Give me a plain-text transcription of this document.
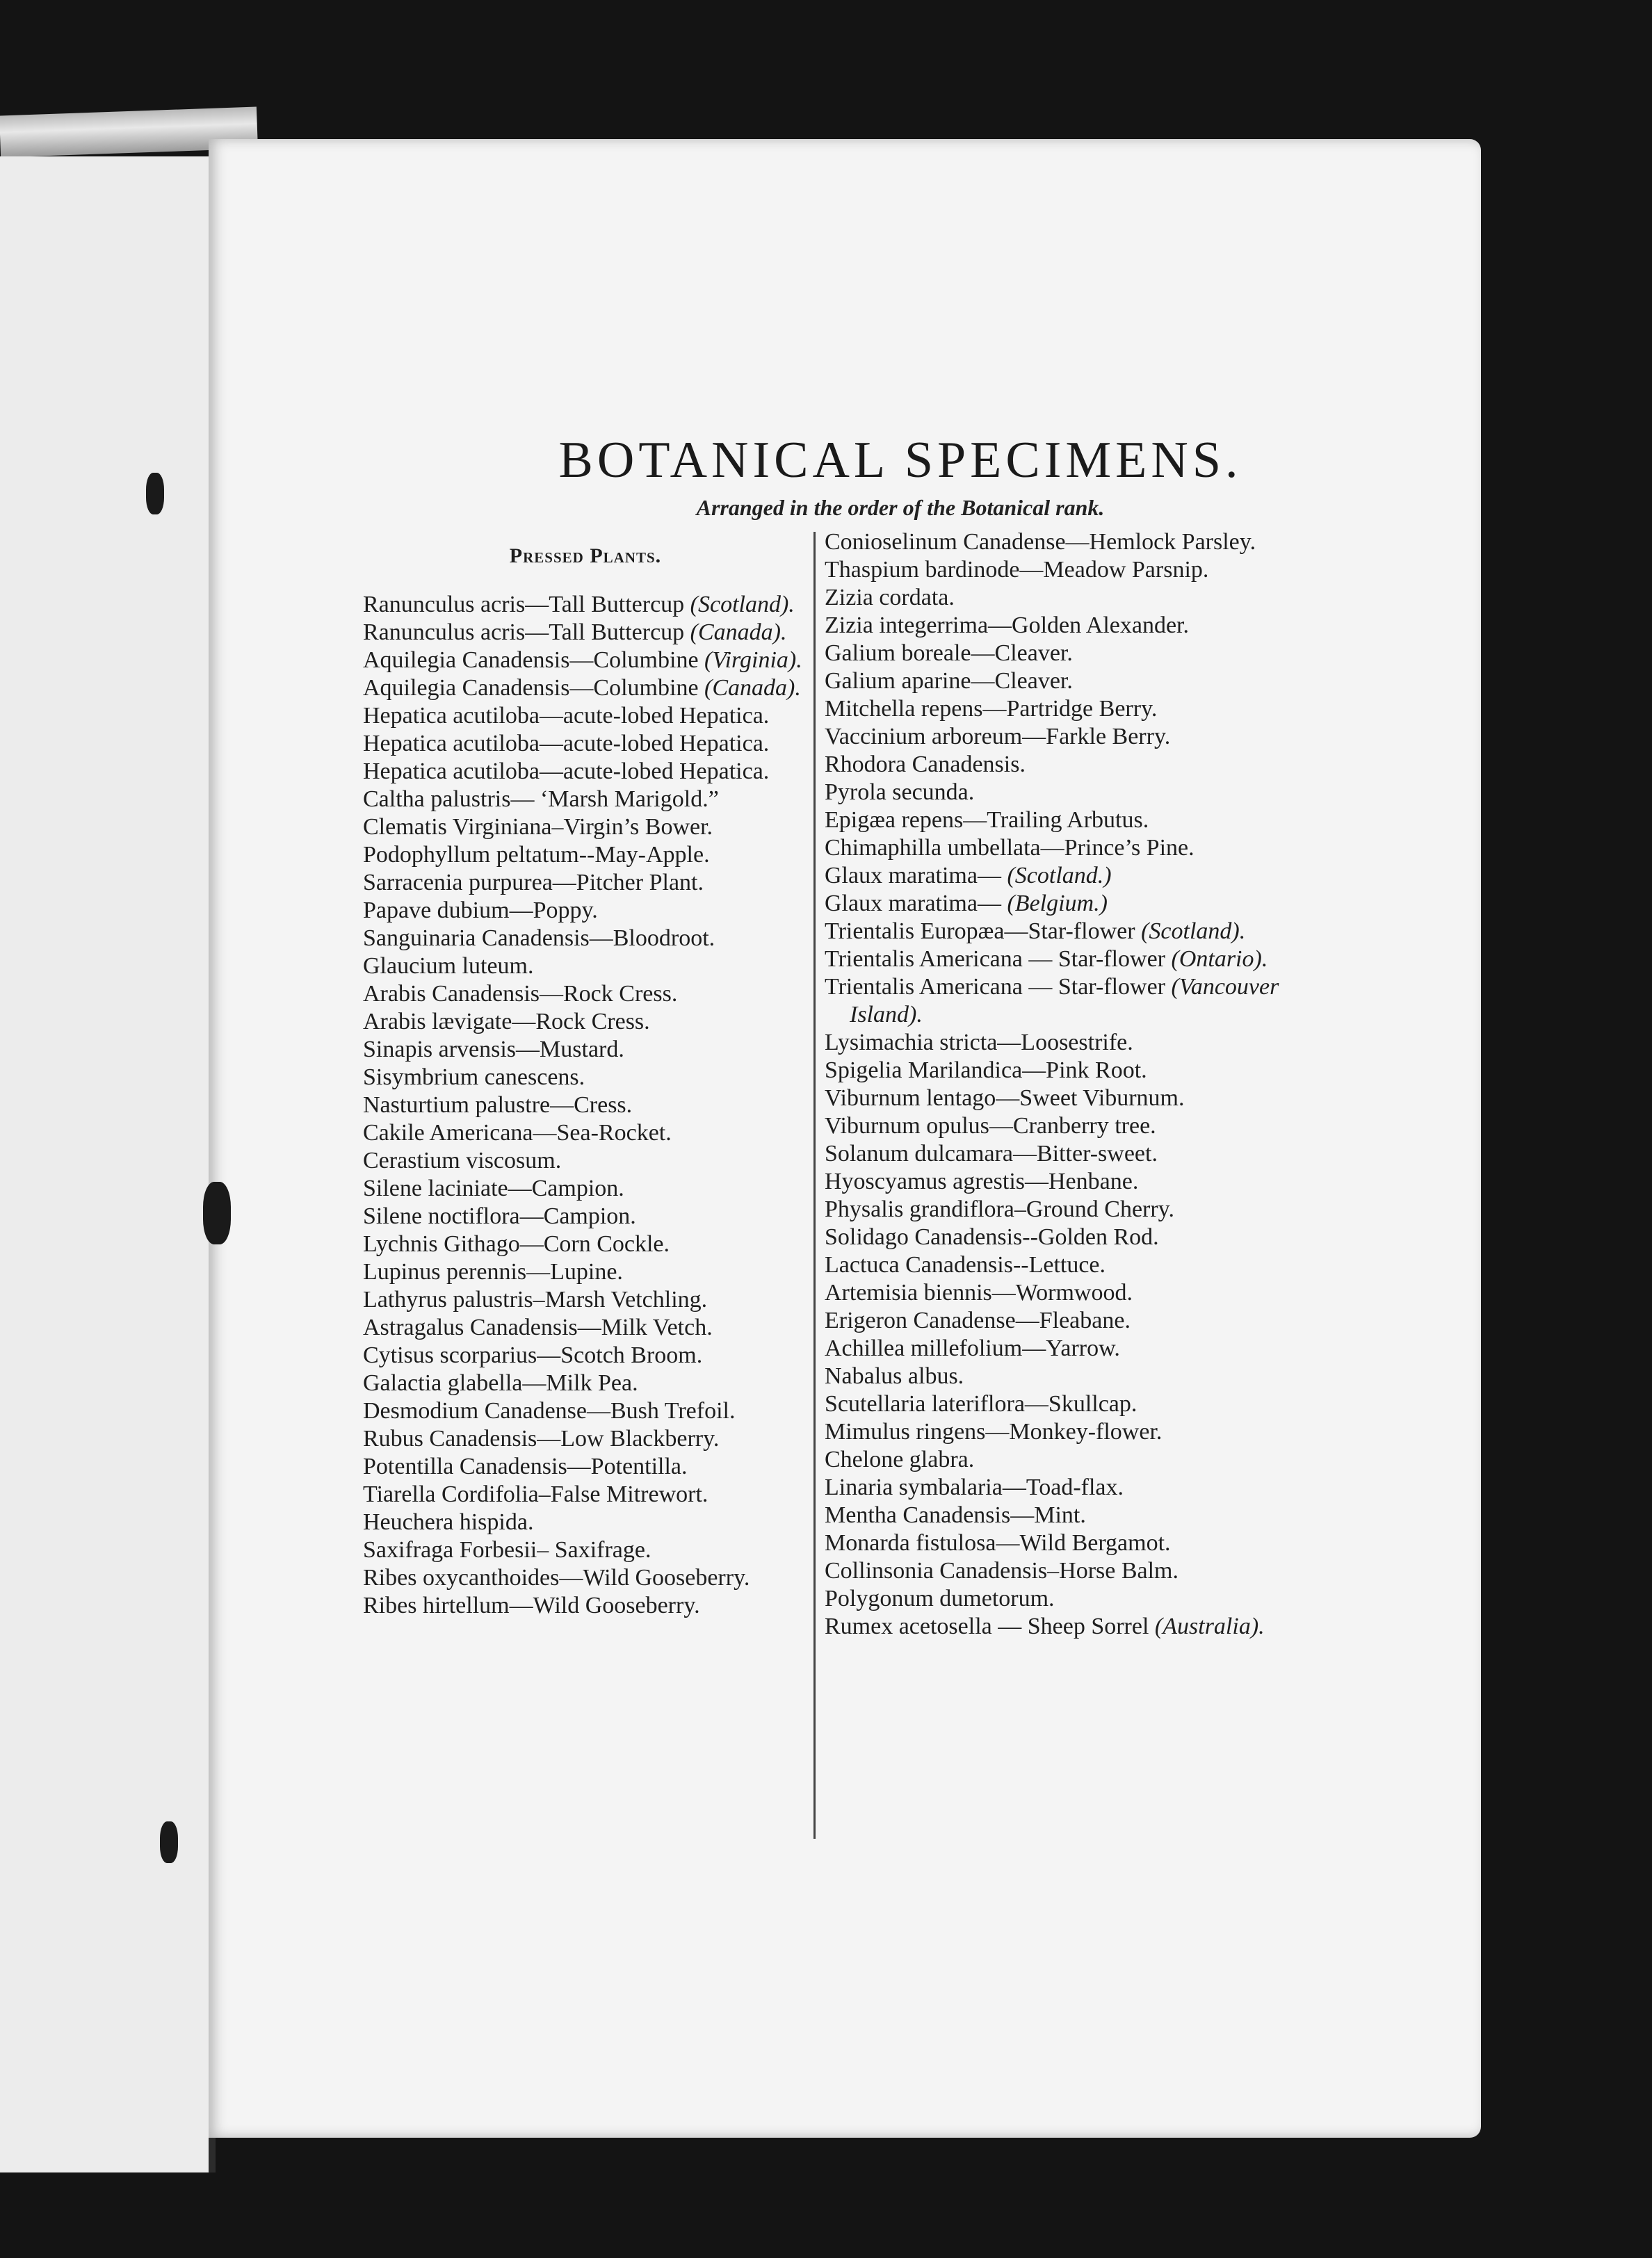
BOTANICAL SPECIMENS.
Arranged in the order of the Botanical rank.
Pressed Plants.
Ranunculus acris—Tall Buttercup (Scotland).
Ranunculus acris—Tall Buttercup (Canada).
Aquilegia Canadensis—Columbine (Virginia).
Aquilegia Canadensis—Columbine (Canada).
Hepatica acutiloba—acute-lobed Hepatica.
Hepatica acutiloba—acute-lobed Hepatica.
Hepatica acutiloba—acute-lobed Hepatica.
Caltha palustris— ‘Marsh Marigold.”
Clematis Virginiana–Virgin’s Bower.
Podophyllum peltatum--May-Apple.
Sarracenia purpurea—Pitcher Plant.
Papave dubium—Poppy.
Sanguinaria Canadensis—Bloodroot.
Glaucium luteum.
Arabis Canadensis—Rock Cress.
Arabis lævigate—Rock Cress.
Sinapis arvensis—Mustard.
Sisymbrium canescens.
Nasturtium palustre—Cress.
Cakile Americana—Sea-Rocket.
Cerastium viscosum.
Silene laciniate—Campion.
Silene noctiflora—Campion.
Lychnis Githago—Corn Cockle.
Lupinus perennis—Lupine.
Lathyrus palustris–Marsh Vetchling.
Astragalus Canadensis—Milk Vetch.
Cytisus scorparius—Scotch Broom.
Galactia glabella—Milk Pea.
Desmodium Canadense—Bush Trefoil.
Rubus Canadensis—Low Blackberry.
Potentilla Canadensis—Potentilla.
Tiarella Cordifolia–False Mitrewort.
Heuchera hispida.
Saxifraga Forbesii– Saxifrage.
Ribes oxycanthoides—Wild Gooseberry.
Ribes hirtellum—Wild Gooseberry.
Conioselinum Canadense—Hemlock Parsley.
Thaspium bardinode—Meadow Parsnip.
Zizia cordata.
Zizia integerrima—Golden Alexander.
Galium boreale—Cleaver.
Galium aparine—Cleaver.
Mitchella repens—Partridge Berry.
Vaccinium arboreum—Farkle Berry.
Rhodora Canadensis.
Pyrola secunda.
Epigæa repens—Trailing Arbutus.
Chimaphilla umbellata—Prince’s Pine.
Glaux maratima— (Scotland.)
Glaux maratima— (Belgium.)
Trientalis Europæa—Star-flower (Scotland).
Trientalis Americana — Star-flower (Ontario).
Trientalis Americana — Star-flower (Vancouver Island).
Lysimachia stricta—Loosestrife.
Spigelia Marilandica—Pink Root.
Viburnum lentago—Sweet Viburnum.
Viburnum opulus—Cranberry tree.
Solanum dulcamara—Bitter-sweet.
Hyoscyamus agrestis—Henbane.
Physalis grandiflora–Ground Cherry.
Solidago Canadensis--Golden Rod.
Lactuca Canadensis--Lettuce.
Artemisia biennis—Wormwood.
Erigeron Canadense—Fleabane.
Achillea millefolium—Yarrow.
Nabalus albus.
Scutellaria lateriflora—Skullcap.
Mimulus ringens—Monkey-flower.
Chelone glabra.
Linaria symbalaria—Toad-flax.
Mentha Canadensis—Mint.
Monarda fistulosa—Wild Bergamot.
Collinsonia Canadensis–Horse Balm.
Polygonum dumetorum.
Rumex acetosella — Sheep Sorrel (Australia).
